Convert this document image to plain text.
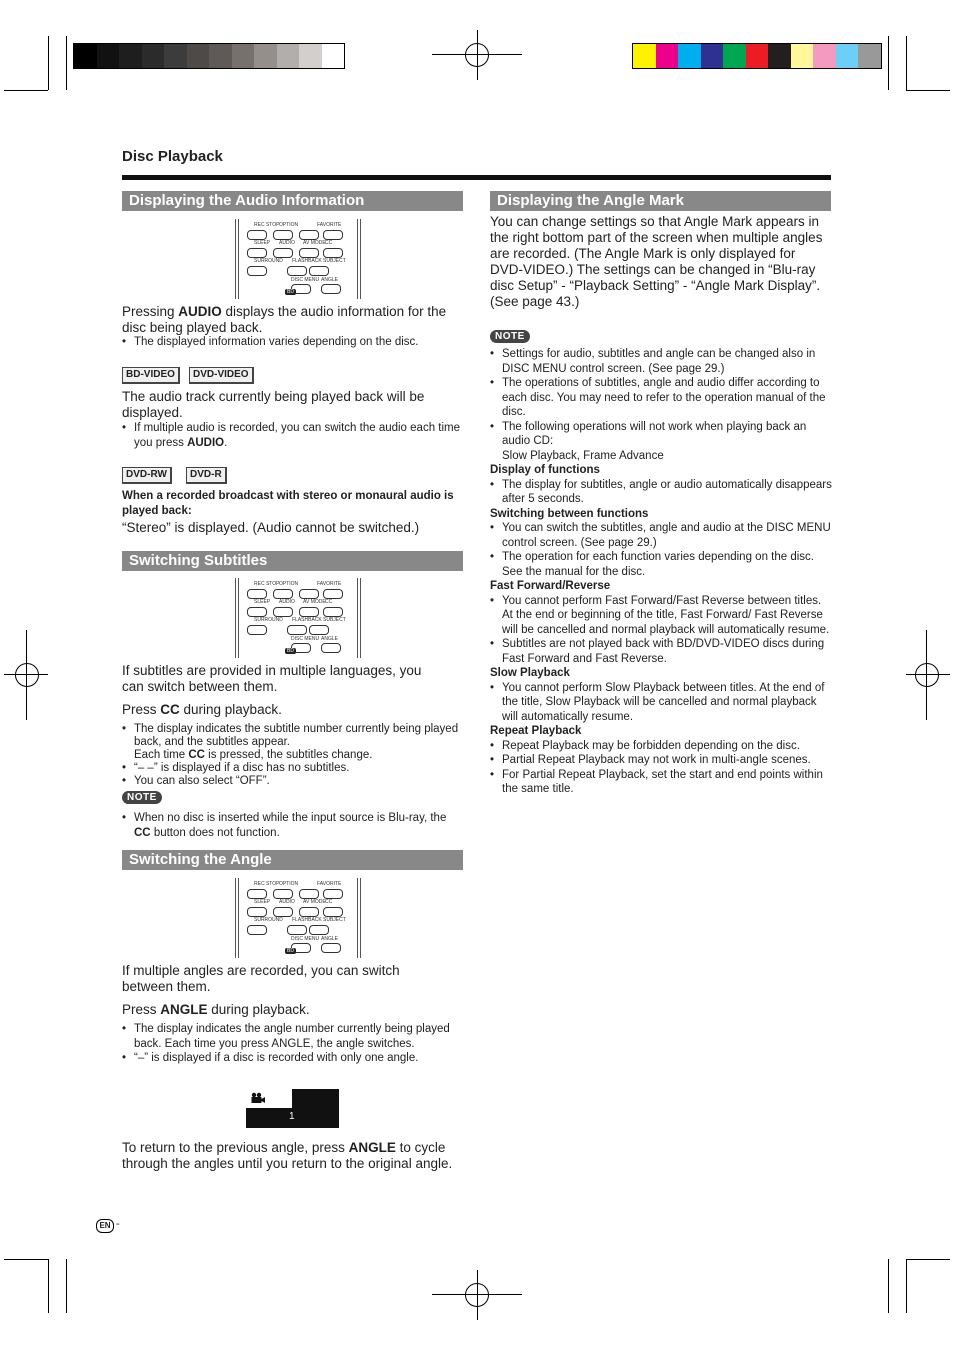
Disc Playback
Displaying the Audio Information
REC STOP OPTION	FAVORITE
SLEEP AUDIO AV MODE CC
SURROUND FLASHBACK SUBJECT
DISC MENU ANGLE
BD
Pressing AUDIO displays the audio information for the disc being played back.
• The displayed information varies depending on the disc.
BD-VIDEO	DVD-VIDEO
The audio track currently being played back will be displayed.
• If multiple audio is recorded, you can switch the audio each time you press AUDIO.
DVD-RW	DVD-R
When a recorded broadcast with stereo or monaural audio is played back:
“Stereo” is displayed. (Audio cannot be switched.)
Switching Subtitles
REC STOP OPTION	FAVORITE
SLEEP AUDIO AV MODE CC
SURROUND FLASHBACK SUBJECT
DISC MENU ANGLE
BD
If subtitles are provided in multiple languages, you can switch between them.
Press CC during playback.
• The display indicates the subtitle number currently being played back, and the subtitles appear.
Each time CC is pressed, the subtitles change.
• “– –” is displayed if a disc has no subtitles.
• You can also select “OFF”.
NOTE
• When no disc is inserted while the input source is Blu-ray, the CC button does not function.
Switching the Angle
REC STOP OPTION	FAVORITE
SLEEP AUDIO AV MODE CC
SURROUND FLASHBACK SUBJECT
DISC MENU ANGLE
BD
If multiple angles are recorded, you can switch between them.
Press ANGLE during playback.
• The display indicates the angle number currently being played back. Each time you press ANGLE, the angle switches.
• “–” is displayed if a disc is recorded with only one angle.
1
To return to the previous angle, press ANGLE to cycle through the angles until you return to the original angle.
Displaying the Angle Mark
You can change settings so that Angle Mark appears in the right bottom part of the screen when multiple angles are recorded. (The Angle Mark is only displayed for DVD-VIDEO.) The settings can be changed in “Blu-ray disc Setup” - “Playback Setting” - “Angle Mark Display”. (See page 43.)
NOTE
• Settings for audio, subtitles and angle can be changed also in DISC MENU control screen. (See page 29.)
• The operations of subtitles, angle and audio differ according to each disc. You may need to refer to the operation manual of the disc.
• The following operations will not work when playing back an audio CD:
Slow Playback, Frame Advance
Display of functions
• The display for subtitles, angle or audio automatically disappears after 5 seconds.
Switching between functions
• You can switch the subtitles, angle and audio at the DISC MENU control screen. (See page 29.)
• The operation for each function varies depending on the disc. See the manual for the disc.
Fast Forward/Reverse
• You cannot perform Fast Forward/Fast Reverse between titles. At the end or beginning of the title, Fast Forward/ Fast Reverse will be cancelled and normal playback will automatically resume.
• Subtitles are not played back with BD/DVD-VIDEO discs during Fast Forward and Fast Reverse.
Slow Playback
• You cannot perform Slow Playback between titles. At the end of the title, Slow Playback will be cancelled and normal playback will automatically resume.
Repeat Playback
• Repeat Playback may be forbidden depending on the disc.
• Partial Repeat Playback may not work in multi-angle scenes.
• For Partial Repeat Playback, set the start and end points within the same title.
EN -
